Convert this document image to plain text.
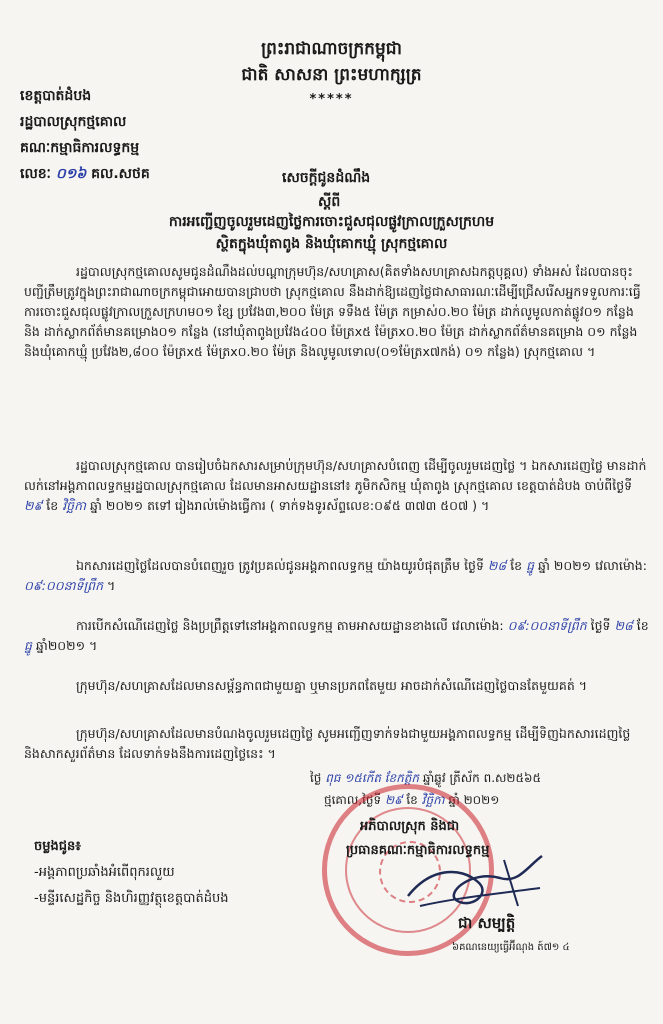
ព្រះរាជាណាចក្រកម្ពុជា
ជាតិ សាសនា ព្រះមហាក្សត្រ
*****
ខេត្តបាត់ដំបង
រដ្ឋបាលស្រុកថ្មគោល
គណៈកម្មាធិការលទ្ធកម្ម
លេខៈ ០១៦ គល.សថគ	សេចក្តីជូនដំណឹង
ស្តីពី
ការអញ្ជើញចូលរួមដេញថ្លៃការចោះជួសជុលផ្លូវក្រាលក្រួសក្រហម
ស្ថិតក្នុងឃុំតាពូង និងឃុំគោកឃ្មុំ ស្រុកថ្មគោល
រដ្ឋបាលស្រុកថ្មគោលសូមជូនដំណឹងដល់បណ្តាក្រុមហ៊ុន/សហគ្រាស(គិតទាំងសហគ្រាសឯកត្តបុគ្គល) ទាំងអស់ ដែលបានចុះបញ្ជីត្រឹមត្រូវក្នុងព្រះរាជាណាចក្រកម្ពុជាអោយបានជ្រាបថា ស្រុកថ្មគោល នឹងដាក់ឱ្យដេញថ្លៃជាសាធារណៈដើម្បីជ្រើសរើសអ្នកទទួលការៈធ្វើការចោះជួសជុលផ្លូវក្រាលក្រួសក្រហម០១ ខ្សែ ប្រវែង៣,២០០ ម៉ែត្រ ទទឹង៥ ម៉ែត្រ កម្រាស់០.២០ ម៉ែត្រ ដាក់លូមូលកាត់ផ្លូវ០១ កន្លែង និង ដាក់ស្លាកព័ត៌មានគម្រោង០១ កន្លែង (នៅឃុំតាពូងប្រវែង៤០០ ម៉ែត្រx៥ ម៉ែត្រx០.២០ ម៉ែត្រ ដាក់ស្លាកព័ត៌មានគម្រោង ០១ កន្លែង និងឃុំគោកឃ្មុំ ប្រវែង២,៨០០ ម៉ែត្រx៥ ម៉ែត្រx០.២០ ម៉ែត្រ និងលូមូលទោល(០១ម៉ែត្រx៧កង់) ០១ កន្លែង) ស្រុកថ្មគោល ។
រដ្ឋបាលស្រុកថ្មគោល បានរៀបចំឯកសារសម្រាប់ក្រុមហ៊ុន/សហគ្រាសបំពេញ ដើម្បីចូលរួមដេញថ្លៃ ។ ឯកសារដេញថ្លៃ មានដាក់លក់នៅអង្គភាពលទ្ធកម្មរដ្ឋបាលស្រុកថ្មគោល ដែលមានអាសយដ្ឋាននៅ៖ ភូមិកសិកម្ម ឃុំតាពូង ស្រុកថ្មគោល ខេត្តបាត់ដំបង ចាប់ពីថ្ងៃទី ២៩ ខែ វិច្ឆិកា ឆ្នាំ ២០២១ តទៅ រៀងរាល់ម៉ោងធ្វើការ ( ទាក់ទងទូរស័ព្ទលេខ:០៩៥ ៣៧៣ ៥០៧ ) ។
ឯកសារដេញថ្លៃដែលបានបំពេញរួច ត្រូវប្រគល់ជូនអង្គភាពលទ្ធកម្ម យ៉ាងយូរបំផុតត្រឹម ថ្ងៃទី ២៨ ខែ ធ្នូ ឆ្នាំ ២០២១ វេលាម៉ោង: ០៩:០០នាទីព្រឹក ។
ការបើកសំណើដេញថ្លៃ និងប្រព្រឹត្តទៅនៅអង្គភាពលទ្ធកម្ម តាមអាសយដ្ឋានខាងលើ វេលាម៉ោង: ០៩:០០នាទីព្រឹក ថ្ងៃទី ២៨ ខែ ធ្នូ ឆ្នាំ២០២១ ។
ក្រុមហ៊ុន/សហគ្រាសដែលមានសម្ព័ន្ធភាពជាមួយគ្នា ឬមានប្រភពតែមួយ អាចដាក់សំណើដេញថ្លៃបានតែមួយគត់ ។
ក្រុមហ៊ុន/សហគ្រាសដែលមានបំណងចូលរួមដេញថ្លៃ សូមអញ្ជើញទាក់ទងជាមួយអង្គភាពលទ្ធកម្ម ដើម្បីទិញឯកសារដេញថ្លៃ និងសាកសួរព័ត៌មាន ដែលទាក់ទងនឹងការដេញថ្លៃនេះ ។
ថ្ងៃ ពុធ ១៥កើត ខែកត្តិក ឆ្នាំឆ្លូវ ត្រីស័ក ព.ស២៥៦៥
ថ្មគោល,ថ្ងៃទី ២៩ ខែ វិច្ឆិកា ឆ្នាំ ២០២១
អភិបាលស្រុក និងជា
ប្រធានគណៈកម្មាធិការលទ្ធកម្ម
ជា សម្បត្តិ
៦គណនេយ្យធ្វើអ៊ីណុង ត៍៧១ ៤
ចម្លងជូន៖
-អង្គភាពប្រឆាំងអំពើពុករលួយ
-មន្ទីរសេដ្ឋកិច្ច និងហិរញ្ញវត្ថុខេត្តបាត់ដំបង
